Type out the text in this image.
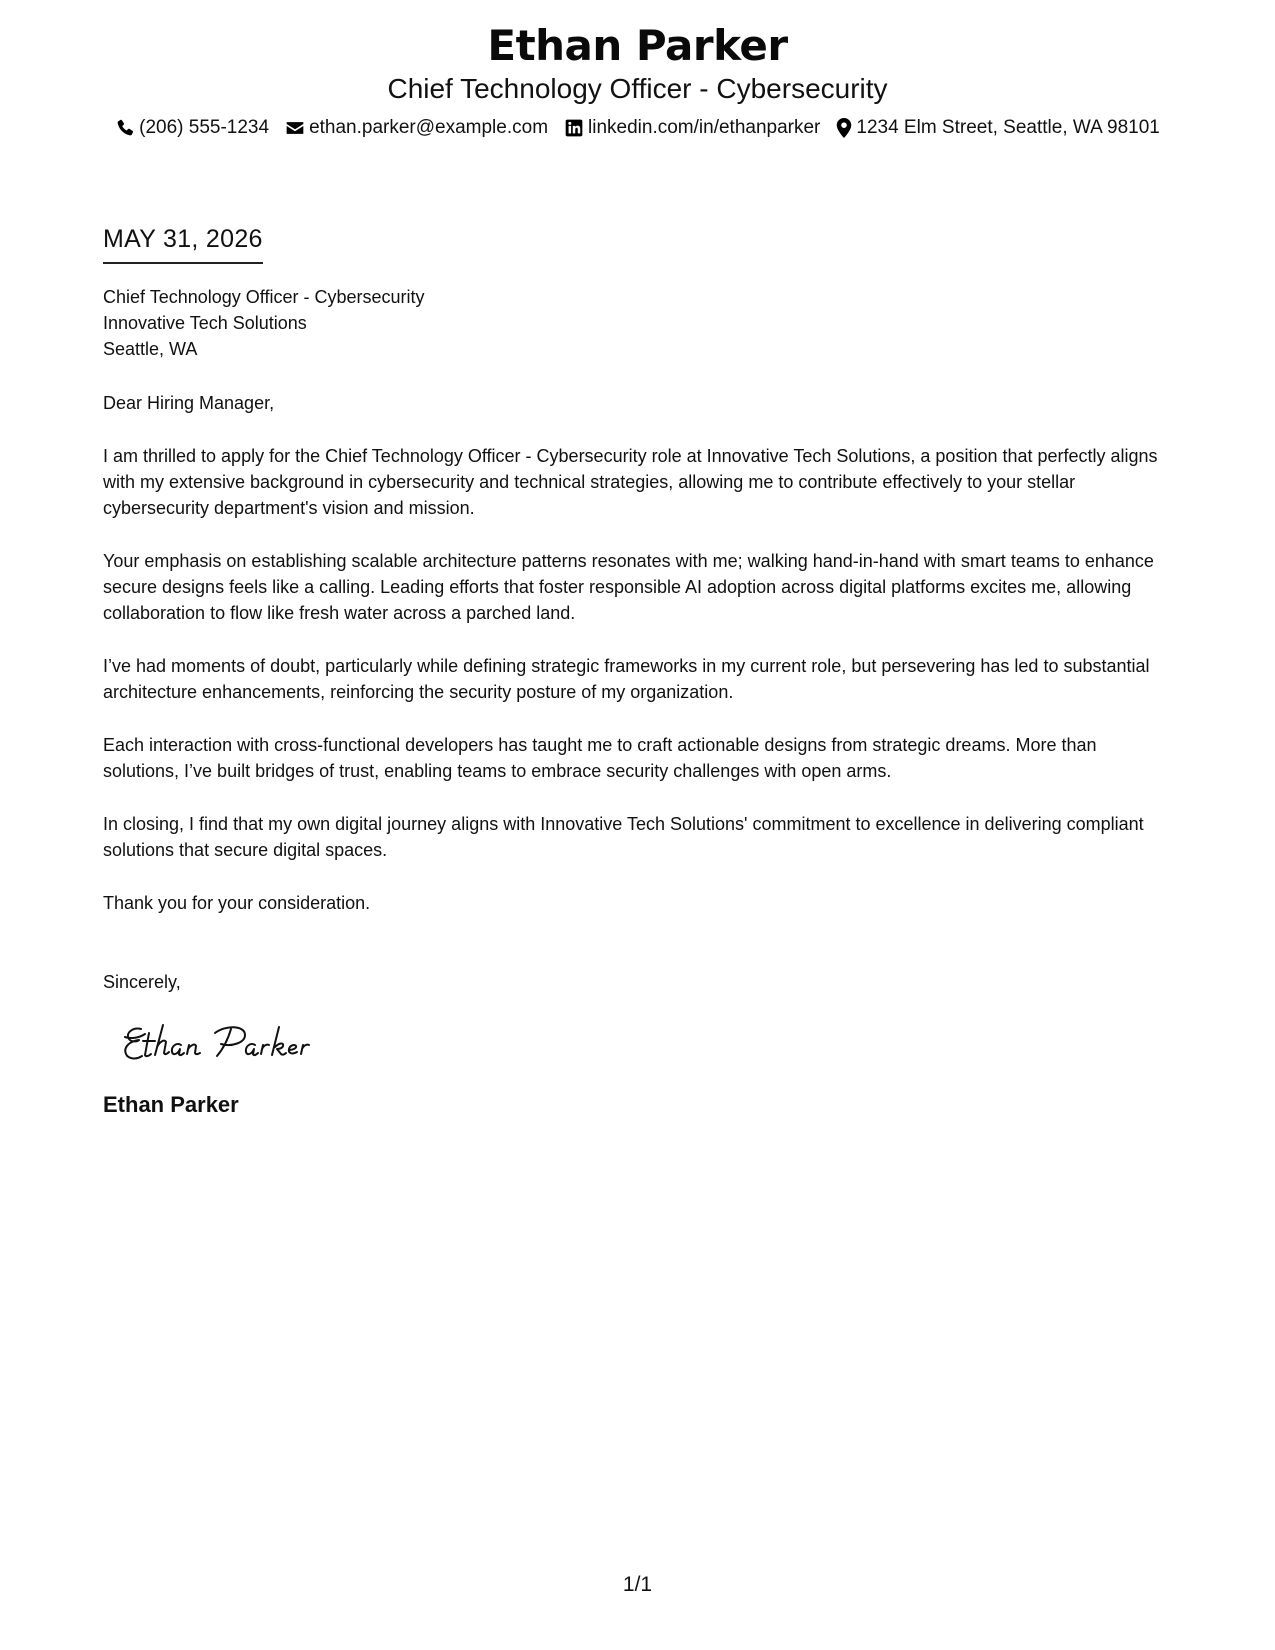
Ethan Parker
Chief Technology Officer - Cybersecurity
(206) 555-1234 ethan.parker@example.com linkedin.com/in/ethanparker 1234 Elm Street, Seattle, WA 98101
MAY 31, 2026
Chief Technology Officer - Cybersecurity
Innovative Tech Solutions
Seattle, WA
Dear Hiring Manager,
I am thrilled to apply for the Chief Technology Officer - Cybersecurity role at Innovative Tech Solutions, a position that perfectly aligns with my extensive background in cybersecurity and technical strategies, allowing me to contribute effectively to your stellar cybersecurity department's vision and mission.
Your emphasis on establishing scalable architecture patterns resonates with me; walking hand-in-hand with smart teams to enhance secure designs feels like a calling. Leading efforts that foster responsible AI adoption across digital platforms excites me, allowing collaboration to flow like fresh water across a parched land.
I’ve had moments of doubt, particularly while defining strategic frameworks in my current role, but persevering has led to substantial architecture enhancements, reinforcing the security posture of my organization.
Each interaction with cross-functional developers has taught me to craft actionable designs from strategic dreams. More than solutions, I’ve built bridges of trust, enabling teams to embrace security challenges with open arms.
In closing, I find that my own digital journey aligns with Innovative Tech Solutions' commitment to excellence in delivering compliant solutions that secure digital spaces.
Thank you for your consideration.
Sincerely,
Ethan Parker
1/1
